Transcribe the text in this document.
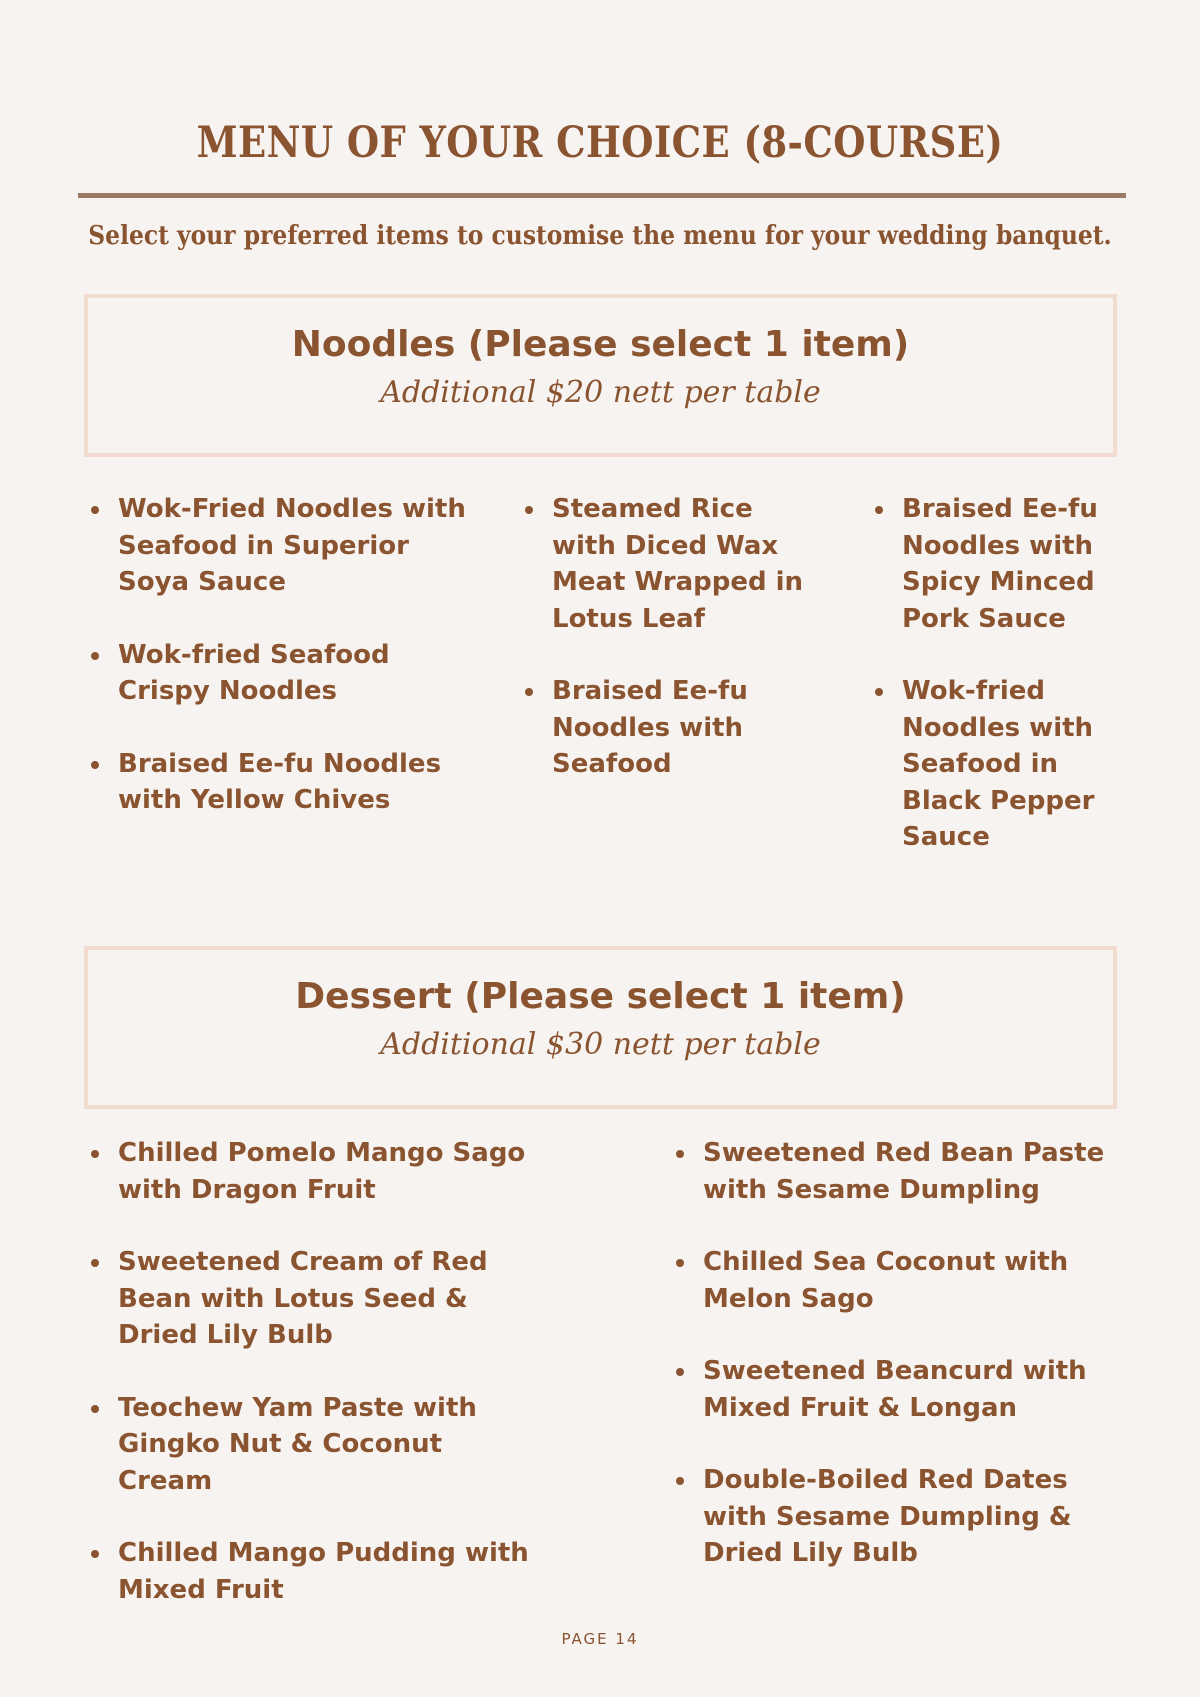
MENU OF YOUR CHOICE (8-COURSE)

Select your preferred items to customise the menu for your wedding banquet.

Noodles (Please select 1 item)

Additional $20 nett per table

Wok-Fried Noodles with Seafood in Superior Soya Sauce
Wok-fried Seafood Crispy Noodles
Braised Ee-fu Noodles with Yellow Chives
Steamed Rice with Diced Wax Meat Wrapped in Lotus Leaf
Braised Ee-fu Noodles with Seafood
Braised Ee-fu Noodles with Spicy Minced Pork Sauce
Wok-fried Noodles with Seafood in Black Pepper Sauce
Dessert (Please select 1 item)

Additional $30 nett per table

Chilled Pomelo Mango Sago with Dragon Fruit
Sweetened Cream of Red Bean with Lotus Seed & Dried Lily Bulb
Teochew Yam Paste with Gingko Nut & Coconut Cream
Chilled Mango Pudding with Mixed Fruit
Sweetened Red Bean Paste with Sesame Dumpling
Chilled Sea Coconut with Melon Sago
Sweetened Beancurd with Mixed Fruit & Longan
Double-Boiled Red Dates with Sesame Dumpling & Dried Lily Bulb
PAGE 14
